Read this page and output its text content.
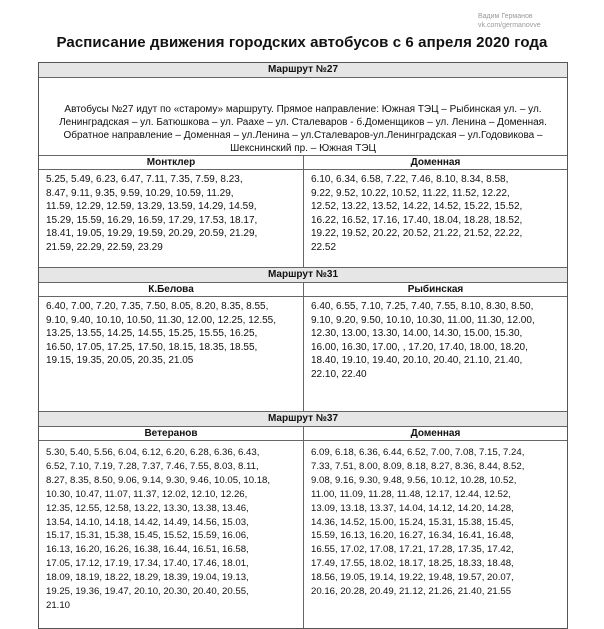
Вадим Германов
vk.com/germanovve
Расписание движения городских автобусов с 6 апреля 2020 года
Маршрут №27
Автобусы №27 идут по «старому» маршруту. Прямое направление: Южная ТЭЦ – Рыбинская ул. – ул. Ленинградская – ул. Батюшкова – ул. Раахе – ул. Сталеваров - б.Доменщиков – ул. Ленина – Доменная. Обратное направление – Доменная – ул.Ленина – ул.Сталеваров-ул.Ленинградская – ул.Годовикова – Шекснинский пр. – Южная ТЭЦ
Монтклер
5.25, 5.49, 6.23, 6.47, 7.11, 7.35, 7.59, 8.23,
8.47, 9.11, 9.35, 9.59, 10.29, 10.59, 11.29,
11.59, 12.29, 12.59, 13.29, 13.59, 14.29, 14.59,
15.29, 15.59, 16.29, 16.59, 17.29, 17.53, 18.17,
18.41, 19.05, 19.29, 19.59, 20.29, 20.59, 21.29,
21.59, 22.29, 22.59, 23.29
Доменная
6.10, 6.34, 6.58, 7.22, 7.46, 8.10, 8.34, 8.58,
9.22, 9.52, 10.22, 10.52, 11.22, 11.52, 12.22,
12.52, 13.22, 13.52, 14.22, 14.52, 15.22, 15.52,
16.22, 16.52, 17.16, 17.40, 18.04, 18.28, 18.52,
19.22, 19.52, 20.22, 20.52, 21.22, 21.52, 22.22,
22.52
Маршрут №31
К.Белова
6.40, 7.00, 7.20, 7.35, 7.50, 8.05, 8.20, 8.35, 8.55,
9.10, 9.40, 10.10, 10.50, 11.30, 12.00, 12.25, 12.55,
13.25, 13.55, 14.25, 14.55, 15.25, 15.55, 16.25,
16.50, 17.05, 17.25, 17.50, 18.15, 18.35, 18.55,
19.15, 19.35, 20.05, 20.35, 21.05
Рыбинская
6.40, 6.55, 7.10, 7.25, 7.40, 7.55, 8.10, 8.30, 8.50,
9.10, 9.20, 9.50, 10.10, 10.30, 11.00, 11.30, 12.00,
12.30, 13.00, 13.30, 14.00, 14.30, 15.00, 15.30,
16.00, 16.30, 17.00, , 17.20, 17.40, 18.00, 18.20,
18.40, 19.10, 19.40, 20.10, 20.40, 21.10, 21.40,
22.10, 22.40
Маршрут №37
Ветеранов
5.30, 5.40, 5.56, 6.04, 6.12, 6.20, 6.28, 6.36, 6.43,
6.52, 7.10, 7.19, 7.28, 7.37, 7.46, 7.55, 8.03, 8.11,
8.27, 8.35, 8.50, 9.06, 9.14, 9.30, 9.46, 10.05, 10.18,
10.30, 10.47, 11.07, 11.37, 12.02, 12.10, 12.26,
12.35, 12.55, 12.58, 13.22, 13.30, 13.38, 13.46,
13.54, 14.10, 14.18, 14.42, 14.49, 14.56, 15.03,
15.17, 15.31, 15.38, 15.45, 15.52, 15.59, 16.06,
16.13, 16.20, 16.26, 16.38, 16.44, 16.51, 16.58,
17.05, 17.12, 17.19, 17.34, 17.40, 17.46, 18.01,
18.09, 18.19, 18.22, 18.29, 18.39, 19.04, 19.13,
19.25, 19.36, 19.47, 20.10, 20.30, 20.40, 20.55,
21.10
Доменная
6.09, 6.18, 6.36, 6.44, 6.52, 7.00, 7.08, 7.15, 7.24,
7.33, 7.51, 8.00, 8.09, 8.18, 8.27, 8.36, 8.44, 8.52,
9.08, 9.16, 9.30, 9.48, 9.56, 10.12, 10.28, 10.52,
11.00, 11.09, 11.28, 11.48, 12.17, 12.44, 12.52,
13.09, 13.18, 13.37, 14.04, 14.12, 14.20, 14.28,
14.36, 14.52, 15.00, 15.24, 15.31, 15.38, 15.45,
15.59, 16.13, 16.20, 16.27, 16.34, 16.41, 16.48,
16.55, 17.02, 17.08, 17.21, 17.28, 17.35, 17.42,
17.49, 17.55, 18.02, 18.17, 18.25, 18.33, 18.48,
18.56, 19.05, 19.14, 19.22, 19.48, 19.57, 20.07,
20.16, 20.28, 20.49, 21.12, 21.26, 21.40, 21.55
